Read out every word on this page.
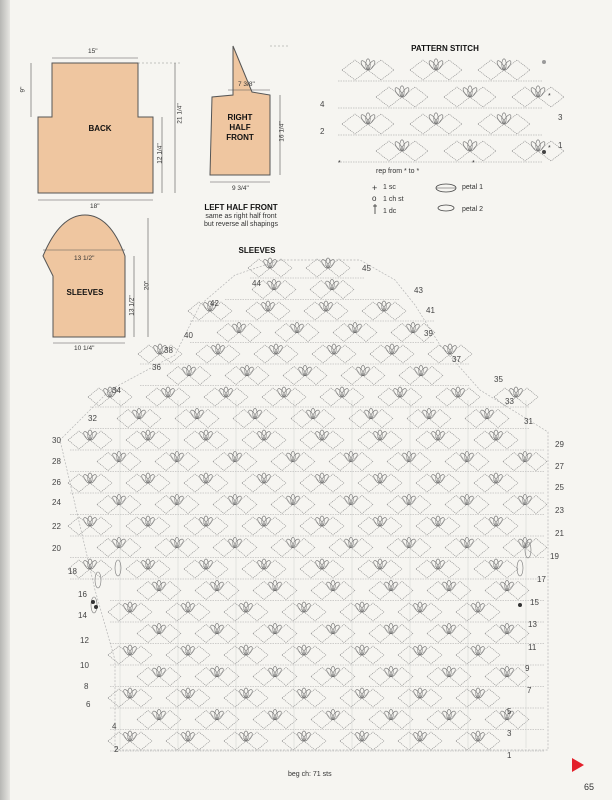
BACK
15"
9"
21 1/4"
12 1/4"
18"
RIGHT
HALF
FRONT
7 3/8"
16 1/4"
9 3/4"
LEFT HALF FRONT
same as right half front
but reverse all shapings
SLEEVES
13 1/2"
20"
13 1/2"
10 1/4"
PATTERN STITCH
4
2
3
1
*
*
*	*
rep from * to *
+
o
1 sc
1 ch st
1 dc
petal 1
petal 2
SLEEVES
44
42
40
38
36
34
32
30
28
26
24
22
20
18
16
14
12
10
8
6
4
2
45
43
41
39
37
35
33
31
29
27
25
23
21
19
17
15
13
11
9
7
5
3
1
beg ch: 71 sts
65
